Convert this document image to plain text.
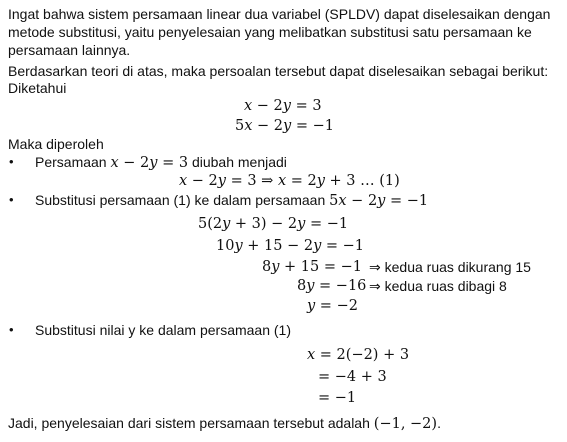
Ingat bahwa sistem persamaan linear dua variabel (SPLDV) dapat diselesaikan dengan
metode substitusi, yaitu penyelesaian yang melibatkan substitusi satu persamaan ke
persamaan lainnya.
Berdasarkan teori di atas, maka persoalan tersebut dapat diselesaikan sebagai berikut:
Diketahui
x − 2y = 3
5x − 2y = −1
Maka diperoleh
• Persamaan x − 2y = 3 diubah menjadi
x − 2y = 3 ⇒ x = 2y + 3 … (1)
• Substitusi persamaan (1) ke dalam persamaan 5x − 2y = −1
5(2y + 3) − 2y = −1
10y + 15 − 2y = −1
8y + 15 = −1 ⇒ kedua ruas dikurang 15
8y = −16 ⇒ kedua ruas dibagi 8
y = −2
• Substitusi nilai y ke dalam persamaan (1)
x = 2(−2) + 3
= −4 + 3
= −1
Jadi, penyelesaian dari sistem persamaan tersebut adalah (−1, −2).
